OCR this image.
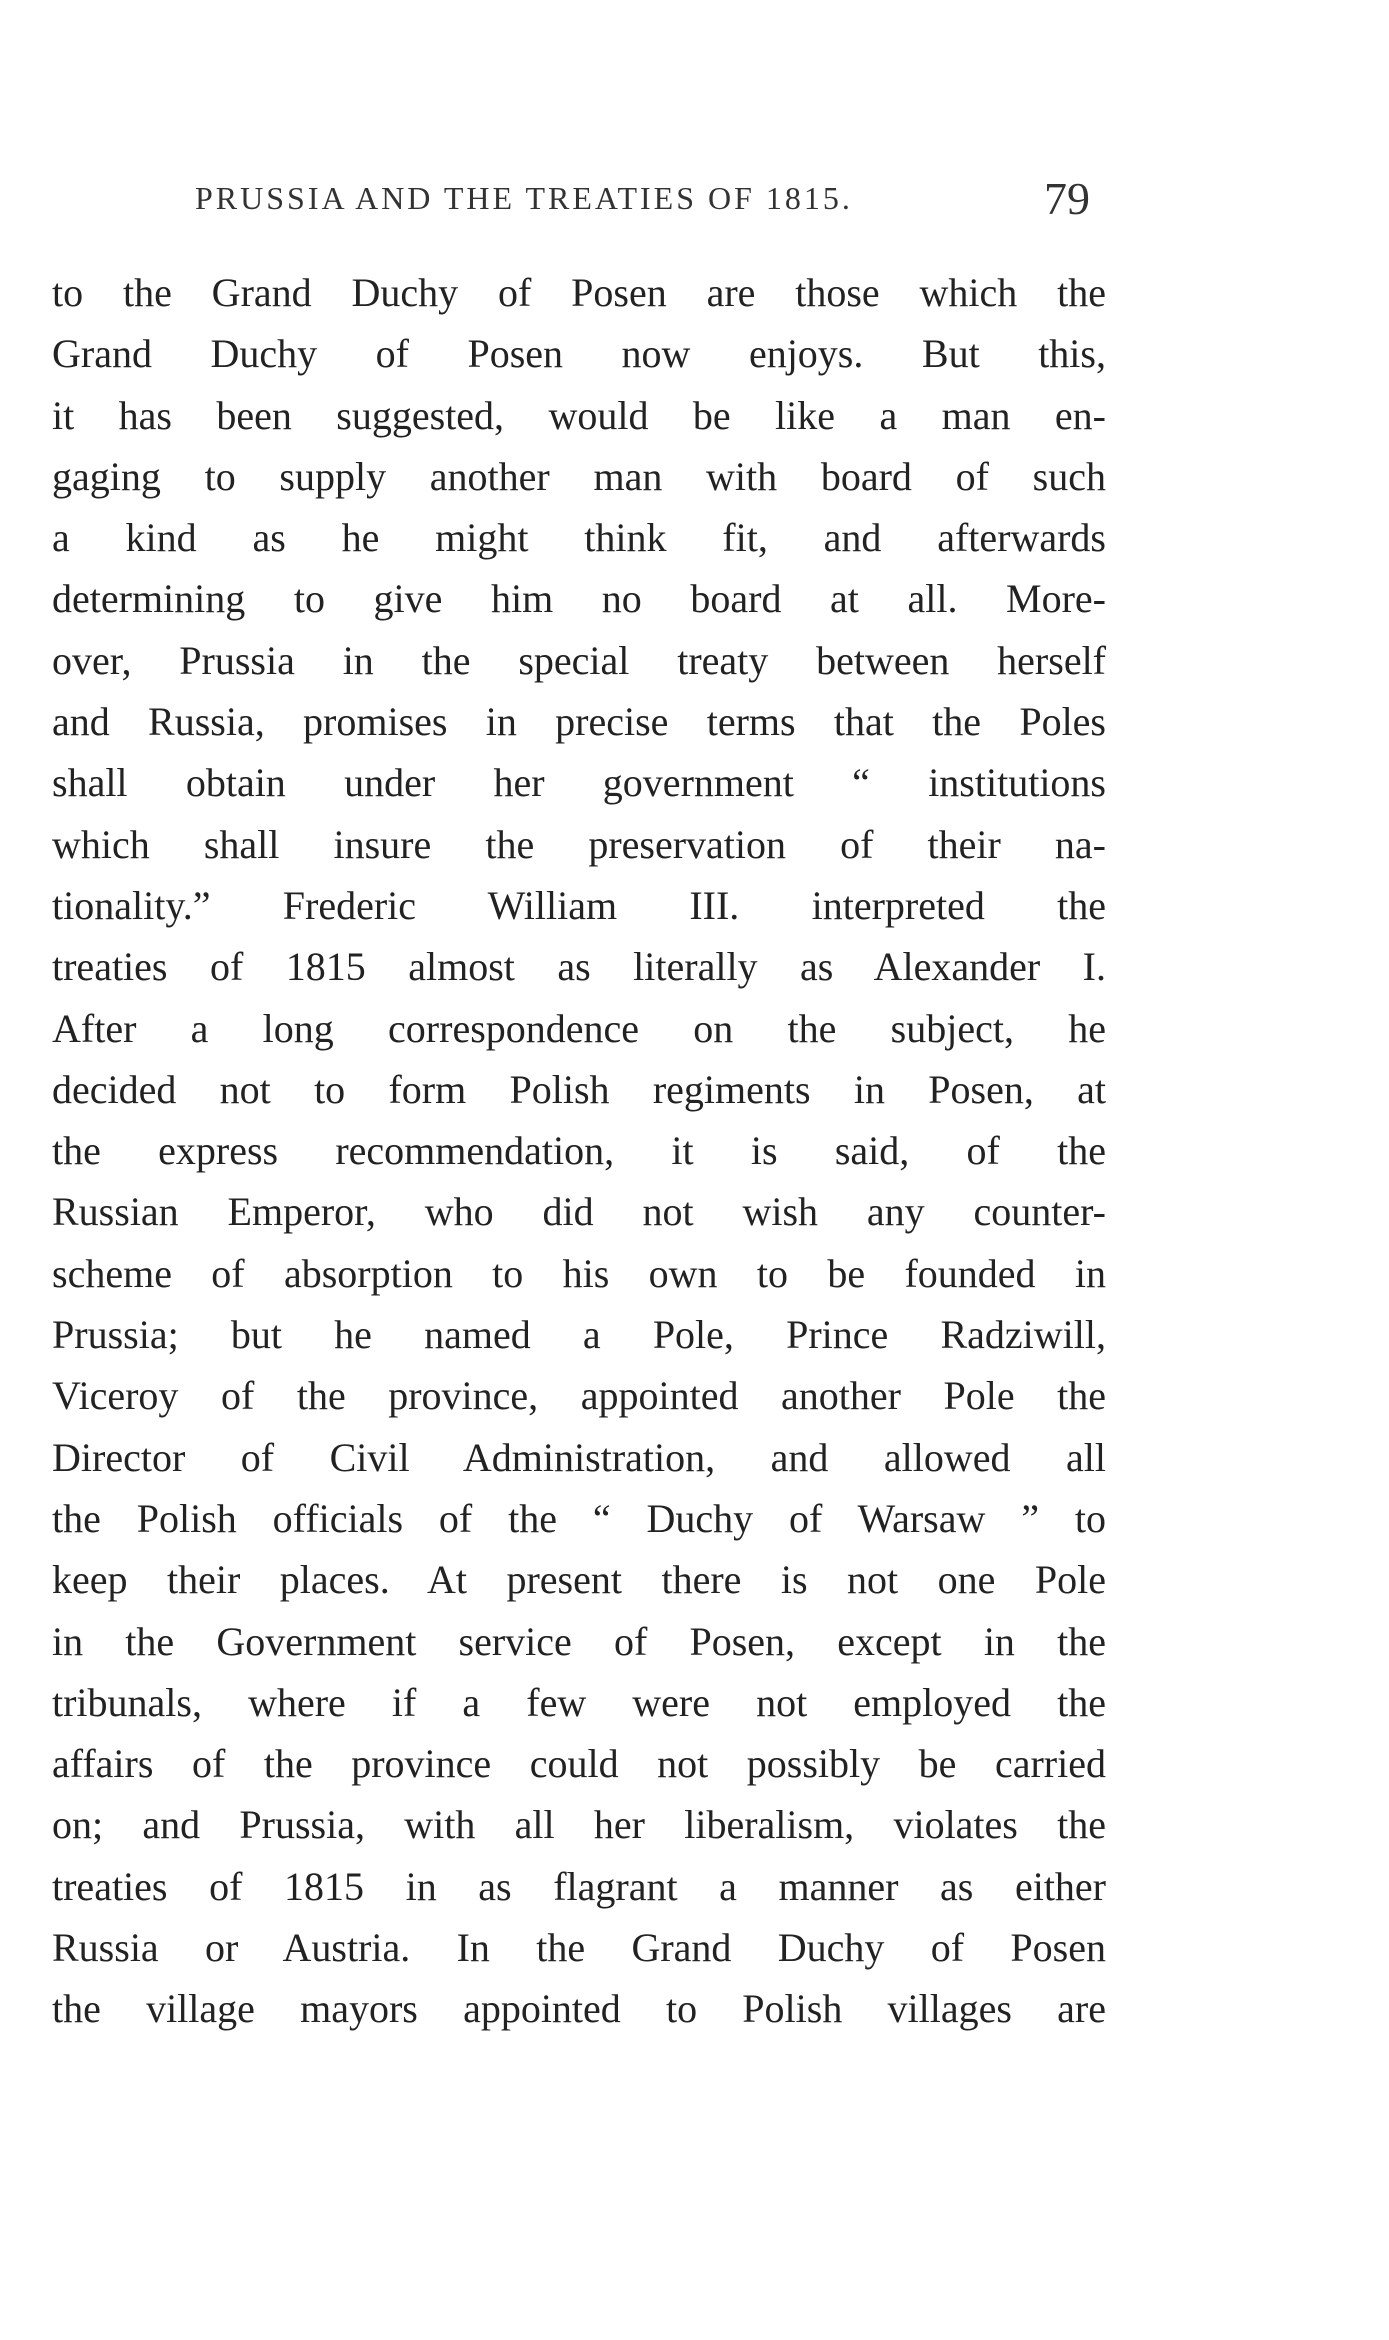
PRUSSIA AND THE TREATIES OF 1815.	79
to the Grand Duchy of Posen are those which the
Grand Duchy of Posen now enjoys. But this,
it has been suggested, would be like a man en-
gaging to supply another man with board of such
a kind as he might think fit, and afterwards
determining to give him no board at all. More-
over, Prussia in the special treaty between herself
and Russia, promises in precise terms that the Poles
shall obtain under her government “ institutions
which shall insure the preservation of their na-
tionality.” Frederic William III. interpreted the
treaties of 1815 almost as literally as Alexander I.
After a long correspondence on the subject, he
decided not to form Polish regiments in Posen, at
the express recommendation, it is said, of the
Russian Emperor, who did not wish any counter-
scheme of absorption to his own to be founded in
Prussia; but he named a Pole, Prince Radziwill,
Viceroy of the province, appointed another Pole the
Director of Civil Administration, and allowed all
the Polish officials of the “ Duchy of Warsaw ” to
keep their places. At present there is not one Pole
in the Government service of Posen, except in the
tribunals, where if a few were not employed the
affairs of the province could not possibly be carried
on; and Prussia, with all her liberalism, violates the
treaties of 1815 in as flagrant a manner as either
Russia or Austria. In the Grand Duchy of Posen
the village mayors appointed to Polish villages are
